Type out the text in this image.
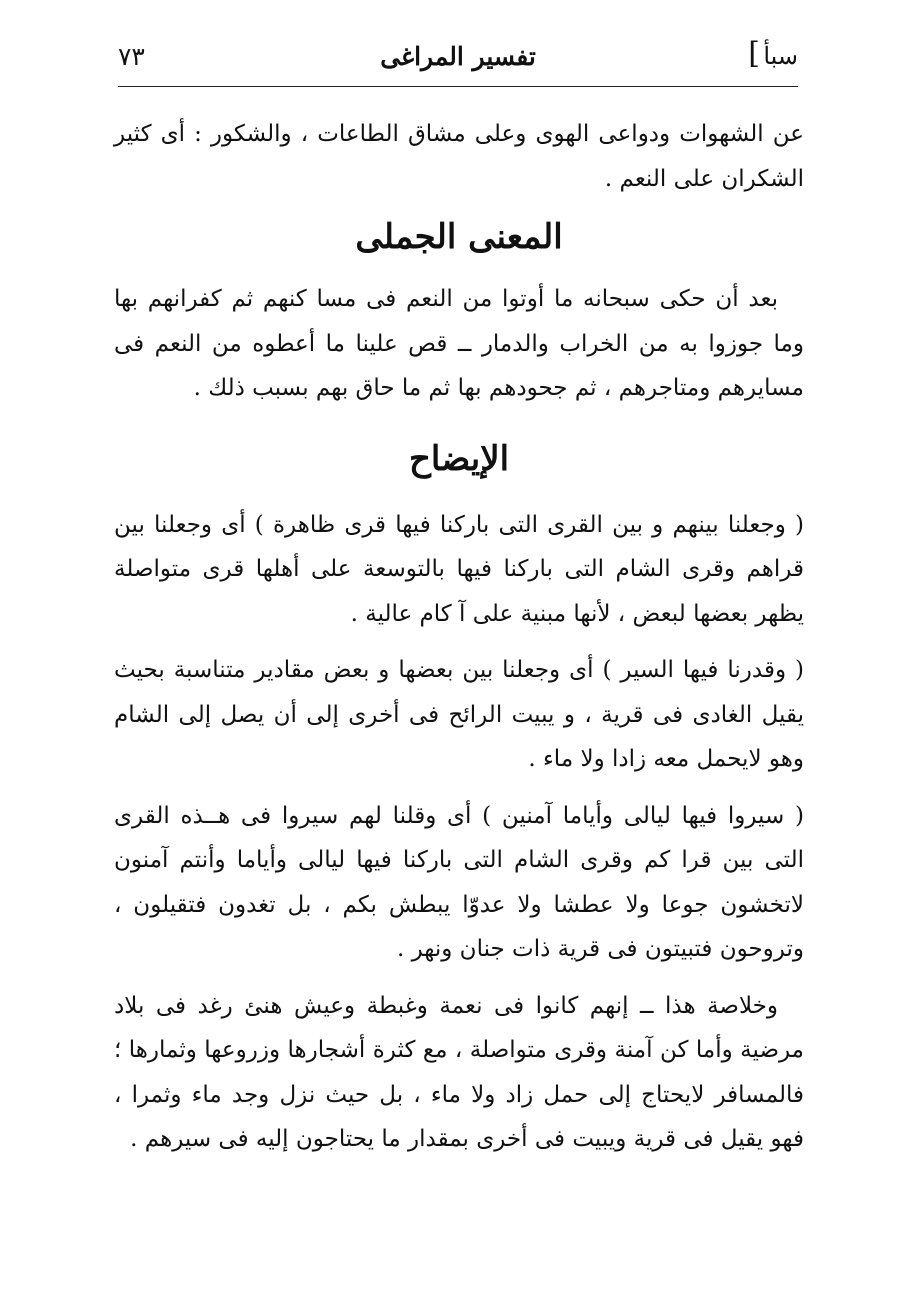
سبأ
]
تفسير المراغى
٧٣

عن الشهوات ودواعى الهوى وعلى مشاق الطاعات ، والشكور : أى كثير الشكران على النعم .

المعنى الجملى

بعد أن حكى سبحانه ما أوتوا من النعم فى مسا كنهم ثم كفرانهم بها وما جوزوا به من الخراب والدمار ــ قص علينا ما أعطوه من النعم فى مسايرهم ومتاجرهم ، ثم جحودهم بها ثم ما حاق بهم بسبب ذلك .

الإيضاح

( وجعلنا بينهم و بين القرى التى باركنا فيها قرى ظاهرة ) أى وجعلنا بين قراهم وقرى الشام التى باركنا فيها بالتوسعة على أهلها قرى متواصلة يظهر بعضها لبعض ، لأنها مبنية على آ كام عالية .

( وقدرنا فيها السير ) أى وجعلنا بين بعضها و بعض مقادير متناسبة بحيث يقيل الغادى فى قرية ، و يبيت الرائح فى أخرى إلى أن يصل إلى الشام وهو لايحمل معه زادا ولا ماء .

( سيروا فيها ليالى وأياما آمنين ) أى وقلنا لهم سيروا فى هــذه القرى التى بين قرا كم وقرى الشام التى باركنا فيها ليالى وأياما وأنتم آمنون لاتخشون جوعا ولا عطشا ولا عدوّا يبطش بكم ، بل تغدون فتقيلون ، وتروحون فتبيتون فى قرية ذات جنان ونهر .

وخلاصة هذا ــ إنهم كانوا فى نعمة وغبطة وعيش هنئ رغد فى بلاد مرضية وأما كن آمنة وقرى متواصلة ، مع كثرة أشجارها وزروعها وثمارها ؛ فالمسافر لايحتاج إلى حمل زاد ولا ماء ، بل حيث نزل وجد ماء وثمرا ، فهو يقيل فى قرية ويبيت فى أخرى بمقدار ما يحتاجون إليه فى سيرهم .
